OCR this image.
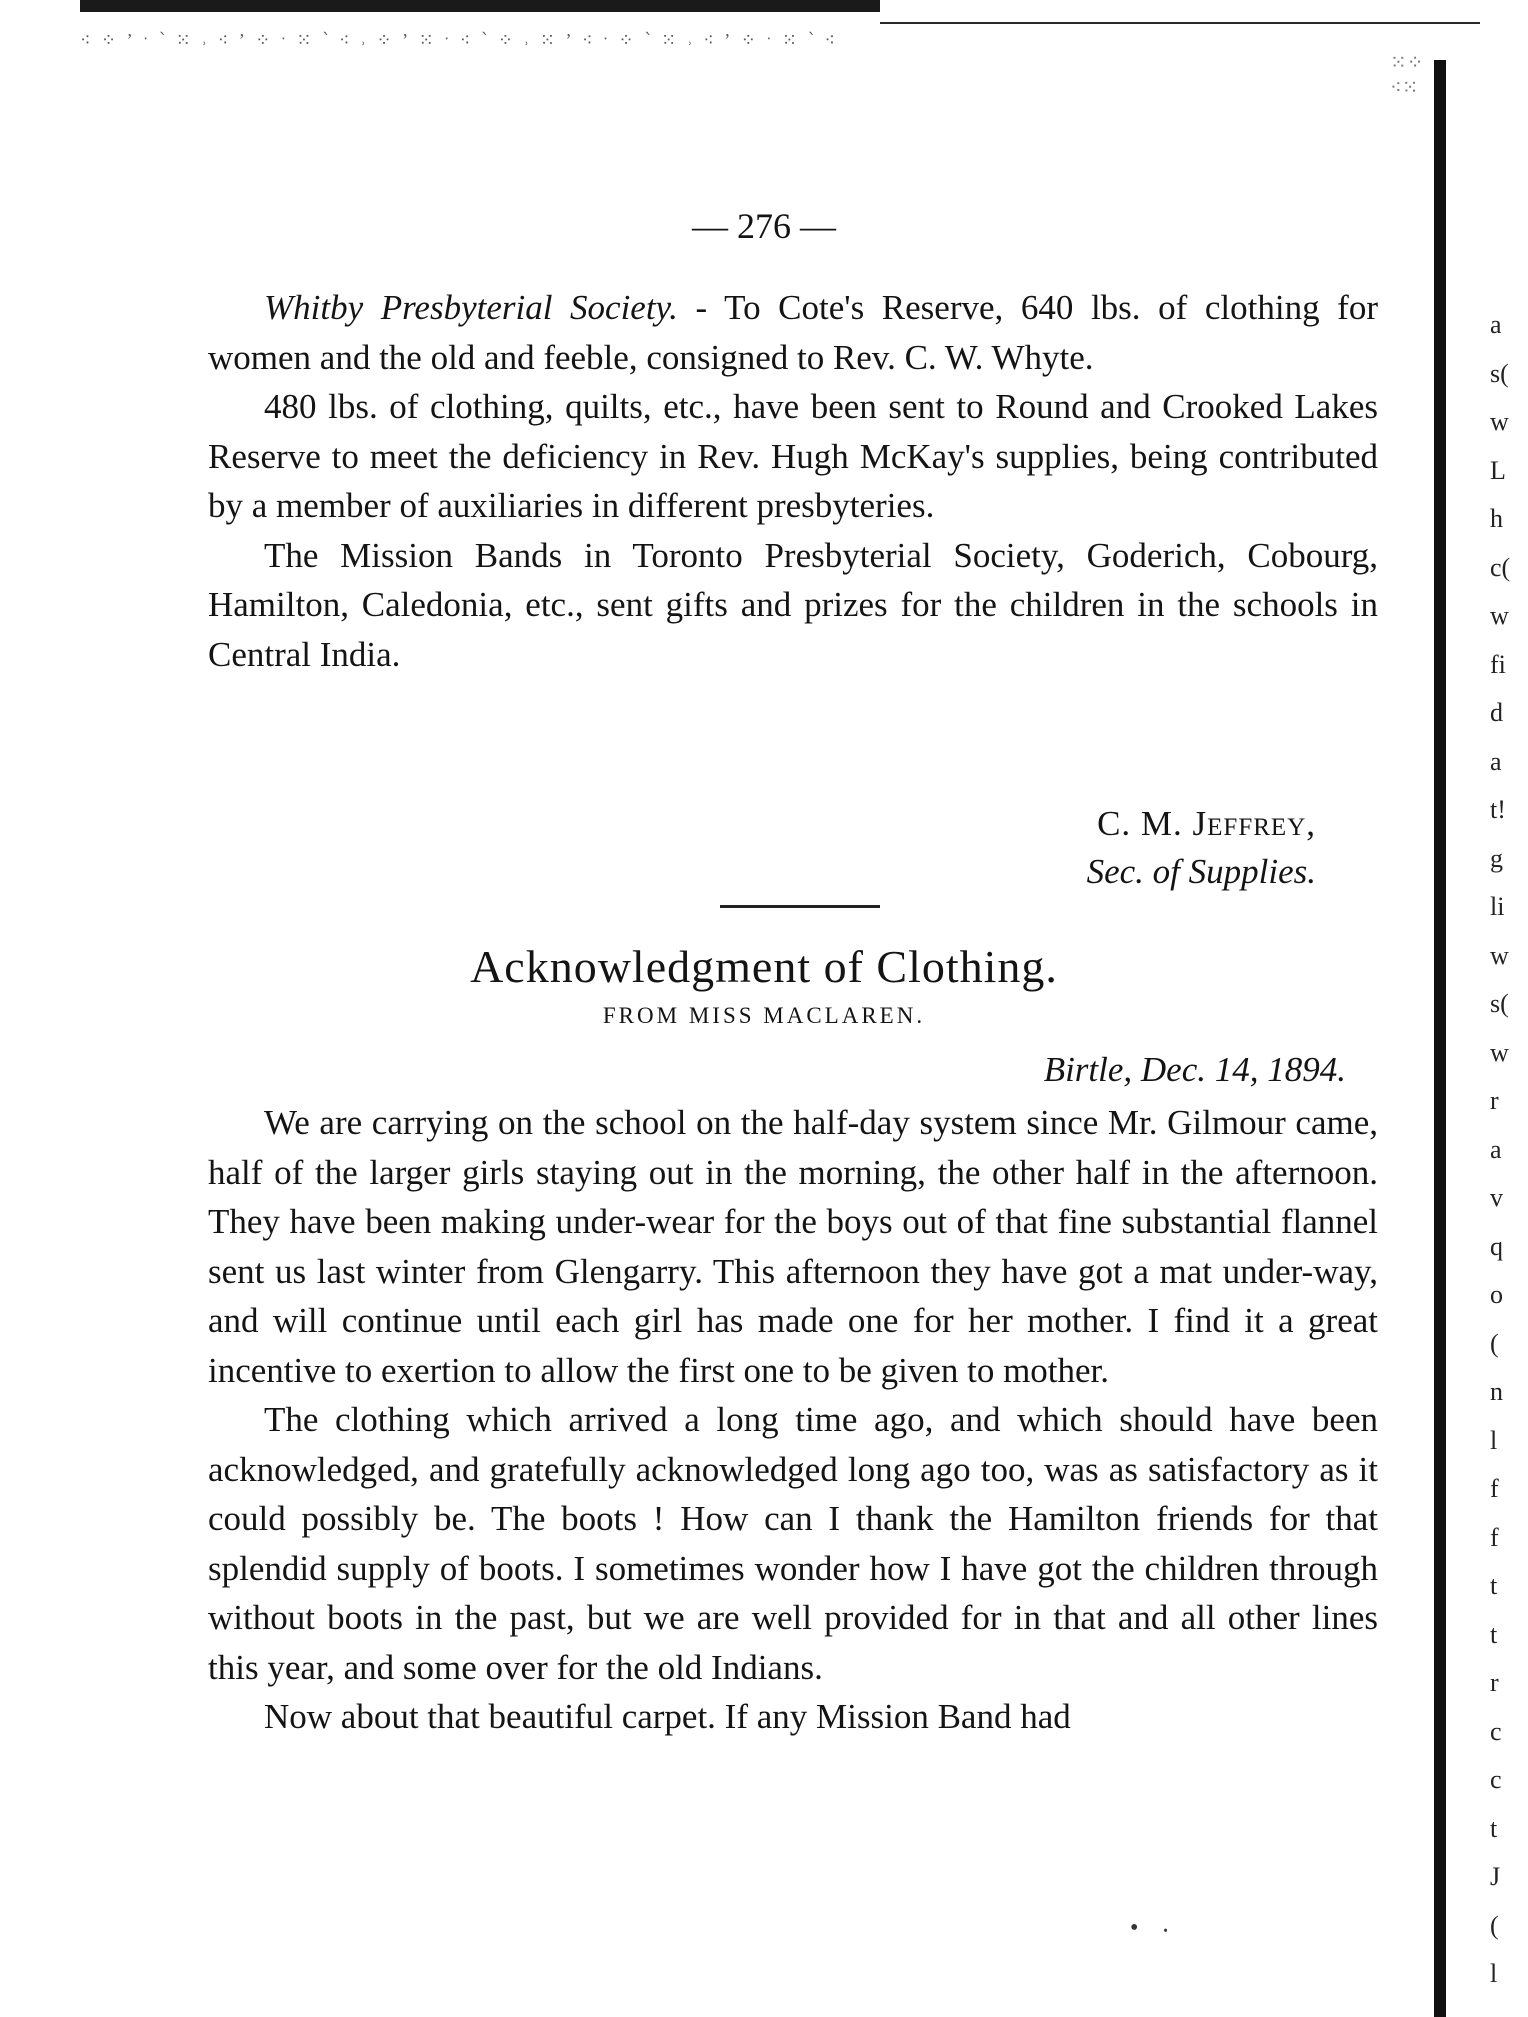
⁖ ⁘ ʼ ˑ ՝ ⁙ ˒ ⁖ ʼ ⁘ ˑ ⁙ ՝ ⁖ ˒ ⁘ ʼ ⁙ ˑ ⁖ ՝ ⁘ ˒ ⁙ ʼ ⁖ ˑ ⁘ ՝ ⁙ ˒ ⁖ ʼ ⁘ ˑ ⁙ ՝ ⁖
⁙⁘
⁖⁙
— 276 —

Whitby Presbyterial Society. - To Cote's Reserve, 640 lbs. of clothing for women and the old and feeble, consigned to Rev. C. W. Whyte.

480 lbs. of clothing, quilts, etc., have been sent to Round and Crooked Lakes Reserve to meet the deficiency in Rev. Hugh McKay's supplies, being contributed by a member of auxiliaries in different presbyteries.

The Mission Bands in Toronto Presbyterial Society, Goderich, Cobourg, Hamilton, Caledonia, etc., sent gifts and prizes for the children in the schools in Central India.

C. M. Jeffrey,
Sec. of Supplies.
Acknowledgment of Clothing.
FROM MISS MACLAREN.
Birtle, Dec. 14, 1894.

We are carrying on the school on the half-day system since Mr. Gilmour came, half of the larger girls staying out in the morning, the other half in the afternoon. They have been making under-wear for the boys out of that fine substantial flannel sent us last winter from Glengarry. This afternoon they have got a mat under-way, and will continue until each girl has made one for her mother. I find it a great incentive to exertion to allow the first one to be given to mother.

The clothing which arrived a long time ago, and which should have been acknowledged, and gratefully acknowledged long ago too, was as satisfactory as it could possibly be. The boots ! How can I thank the Hamilton friends for that splendid supply of boots. I sometimes wonder how I have got the children through without boots in the past, but we are well provided for in that and all other lines this year, and some over for the old Indians.

Now about that beautiful carpet. If any Mission Band had

a
s(
w
L
h
c(
w
fi
d
a
t!
g
li
w
s(
w
r
a
v
q
o
(
n
l
f
f
t
t
r
c
c
t
J
(
l
•    ⸳
